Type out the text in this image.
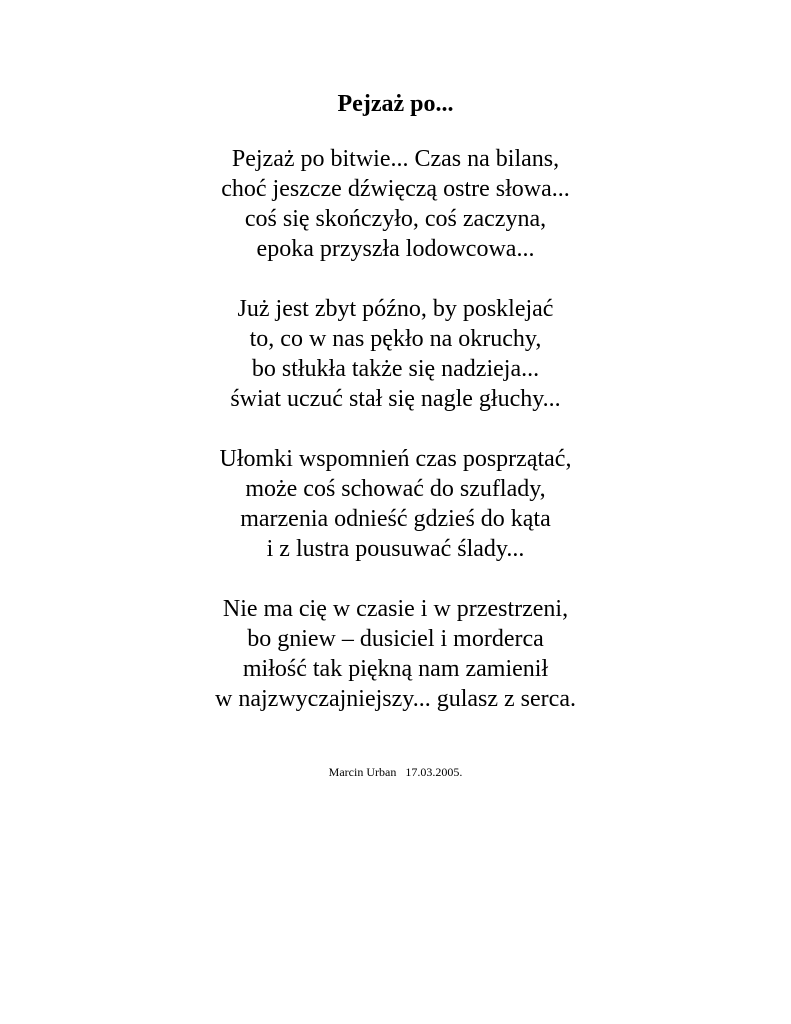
Pejzaż po...
Pejzaż po bitwie... Czas na bilans,
choć jeszcze dźwięczą ostre słowa...
coś się skończyło, coś zaczyna,
epoka przyszła lodowcowa...
Już jest zbyt późno, by posklejać
to, co w nas pękło na okruchy,
bo stłukła także się nadzieja...
świat uczuć stał się nagle głuchy...
Ułomki wspomnień czas posprzątać,
może coś schować do szuflady,
marzenia odnieść gdzieś do kąta
i z lustra pousuwać ślady...
Nie ma cię w czasie i w przestrzeni,
bo gniew – dusiciel i morderca
miłość tak piękną nam zamienił
w najzwyczajniejszy... gulasz z serca.
Marcin Urban 17.03.2005.
